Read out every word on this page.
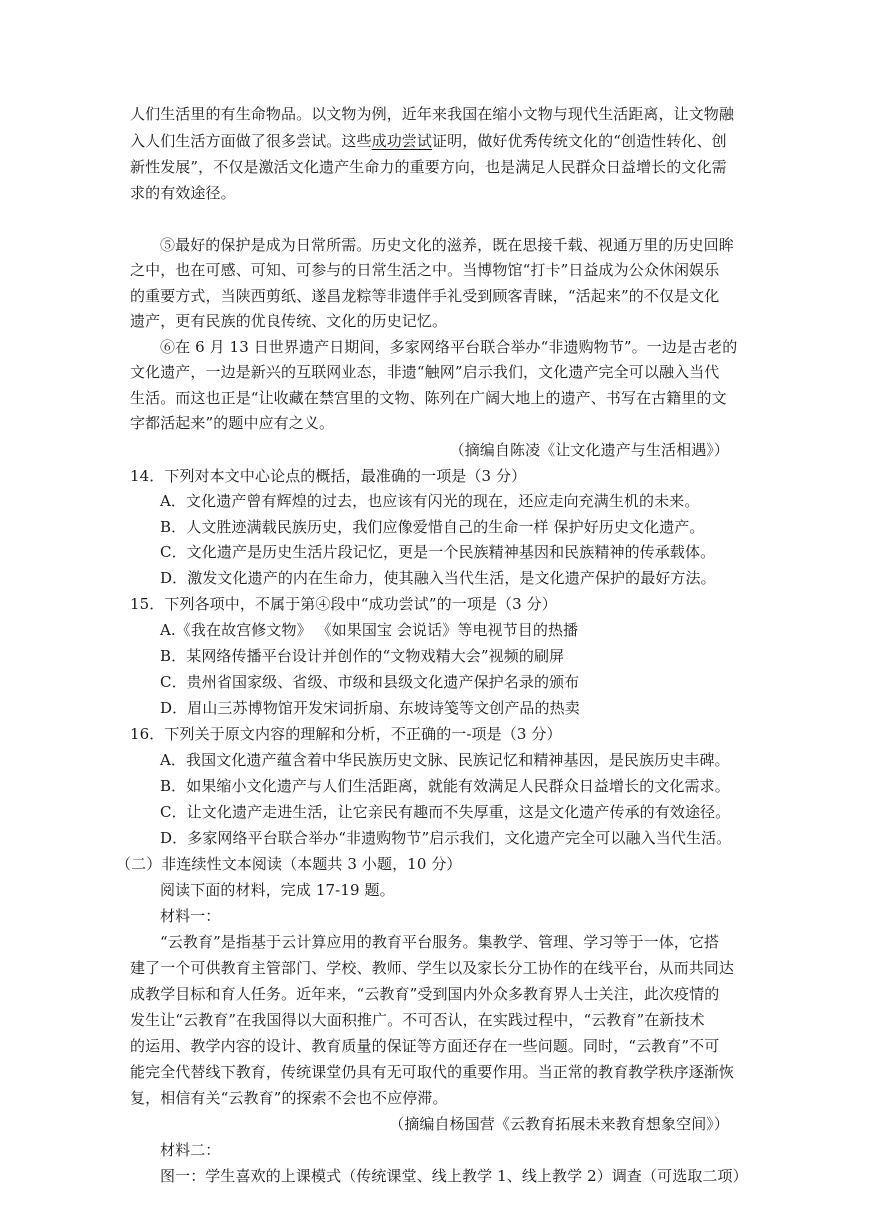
人们生活里的有生命物品。以文物为例，近年来我国在缩小文物与现代生活距离，让文物融
入人们生活方面做了很多尝试。这些成功尝试证明，做好优秀传统文化的“创造性转化、创
新性发展”，不仅是激活文化遗产生命力的重要方向，也是满足人民群众日益增长的文化需
求的有效途径。
⑤最好的保护是成为日常所需。历史文化的滋养，既在思接千载、视通万里的历史回眸
之中，也在可感、可知、可参与的日常生活之中。当博物馆“打卡”日益成为公众休闲娱乐
的重要方式，当陕西剪纸、遂昌龙粽等非遗伴手礼受到顾客青睐，“活起来”的不仅是文化
遗产，更有民族的优良传统、文化的历史记忆。
⑥在 6 月 13 日世界遗产日期间，多家网络平台联合举办“非遗购物节”。一边是古老的
文化遗产，一边是新兴的互联网业态，非遗“触网”启示我们，文化遗产完全可以融入当代
生活。而这也正是“让收藏在禁宫里的文物、陈列在广阔大地上的遗产、书写在古籍里的文
字都活起来”的题中应有之义。
（摘编自陈凌《让文化遗产与生活相遇》）
14．下列对本文中心论点的概括，最准确的一项是（3 分）
A．文化遗产曾有辉煌的过去，也应该有闪光的现在，还应走向充满生机的未来。
B．人文胜迹满载民族历史，我们应像爱惜自己的生命一样 保护好历史文化遗产。
C．文化遗产是历史生活片段记忆，更是一个民族精神基因和民族精神的传承载体。
D．激发文化遗产的内在生命力，使其融入当代生活，是文化遗产保护的最好方法。
15．下列各项中，不属于第④段中“成功尝试”的一项是（3 分）
A.《我在故宫修文物》 《如果国宝 会说话》等电视节目的热播
B．某网络传播平台设计并创作的“文物戏精大会”视频的刷屏
C．贵州省国家级、省级、市级和县级文化遗产保护名录的颁布
D．眉山三苏博物馆开发宋词折扇、东坡诗笺等文创产品的热卖
16．下列关于原文内容的理解和分析，不正确的一-项是（3 分）
A．我国文化遗产蕴含着中华民族历史文脉、民族记忆和精神基因，是民族历史丰碑。
B．如果缩小文化遗产与人们生活距离，就能有效满足人民群众日益增长的文化需求。
C．让文化遗产走进生活，让它亲民有趣而不失厚重，这是文化遗产传承的有效途径。
D．多家网络平台联合举办“非遗购物节”启示我们，文化遗产完全可以融入当代生活。
（二）非连续性文本阅读（本题共 3 小题，10 分）
阅读下面的材料，完成 17-19 题。
材料一：
“云教育”是指基于云计算应用的教育平台服务。集教学、管理、学习等于一体，它搭
建了一个可供教育主管部门、学校、教师、学生以及家长分工协作的在线平台，从而共同达
成教学目标和育人任务。近年来，“云教育”受到国内外众多教育界人士关注，此次疫情的
发生让“云教育”在我国得以大面积推广。不可否认，在实践过程中，“云教育”在新技术
的运用、教学内容的设计、教育质量的保证等方面还存在一些问题。同时，“云教育”不可
能完全代替线下教育，传统课堂仍具有无可取代的重要作用。当正常的教育教学秩序逐渐恢
复，相信有关“云教育”的探索不会也不应停滞。
（摘编自杨国营《云教育拓展未来教育想象空间》）
材料二：
图一：学生喜欢的上课模式（传统课堂、线上教学 1、线上教学 2）调查（可选取二项）
